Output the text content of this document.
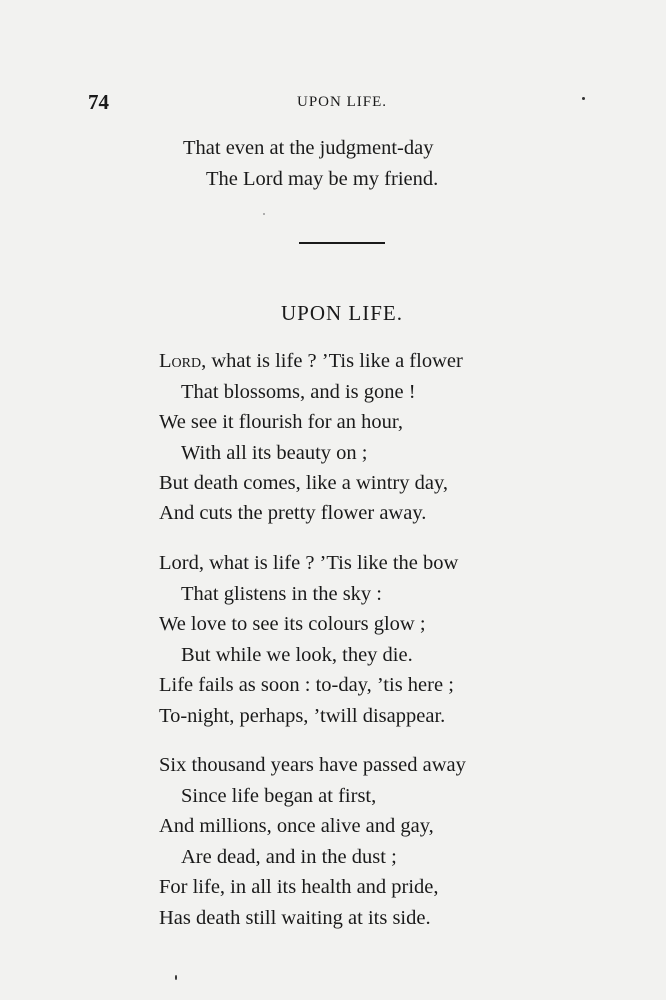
74	UPON LIFE.
That even at the judgment-day
The Lord may be my friend.
UPON LIFE.
Lord, what is life ? ’Tis like a flower
That blossoms, and is gone !
We see it flourish for an hour,
With all its beauty on ;
But death comes, like a wintry day,
And cuts the pretty flower away.
Lord, what is life ? ’Tis like the bow
That glistens in the sky :
We love to see its colours glow ;
But while we look, they die.
Life fails as soon : to-day, ’tis here ;
To-night, perhaps, ’twill disappear.
Six thousand years have passed away
Since life began at first,
And millions, once alive and gay,
Are dead, and in the dust ;
For life, in all its health and pride,
Has death still waiting at its side.
